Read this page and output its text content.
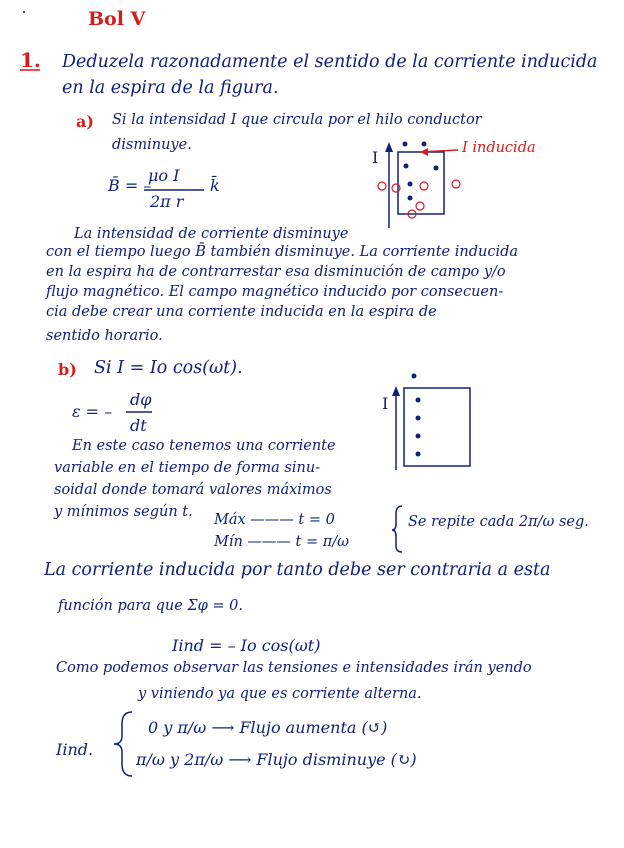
Bol V
1. Deduzela razonadamente el sentido de la corriente inducida
en la espira de la figura.
a) Si la intensidad I que circula por el hilo conductor
disminuye.
B̄ = –
μo I
2π r
k̄
La intensidad de corriente disminuye
con el tiempo luego B̄ también disminuye. La corriente inducida
en la espira ha de contrarrestar esa disminución de campo y/o
flujo magnético. El campo magnético inducido por consecuen-
cia debe crear una corriente inducida en la espira de
sentido horario.
I	I inducida
b) Si I = Io cos(ωt).
ε = –
dφ
dt
En este caso tenemos una corriente
variable en el tiempo de forma sinu-
soidal donde tomará valores máximos
y mínimos según t. Máx ——— t = 0
Mín ——— t = π/ω
Se repite cada 2π/ω seg.
I
La corriente inducida por tanto debe ser contraria a esta
función para que Σφ = 0.
Iind = – Io cos(ωt)
Como podemos observar las tensiones e intensidades irán yendo
y viniendo ya que es corriente alterna.
Iind.
0 y π/ω ⟶ Flujo aumenta (↺)
π/ω y 2π/ω ⟶ Flujo disminuye (↻)
